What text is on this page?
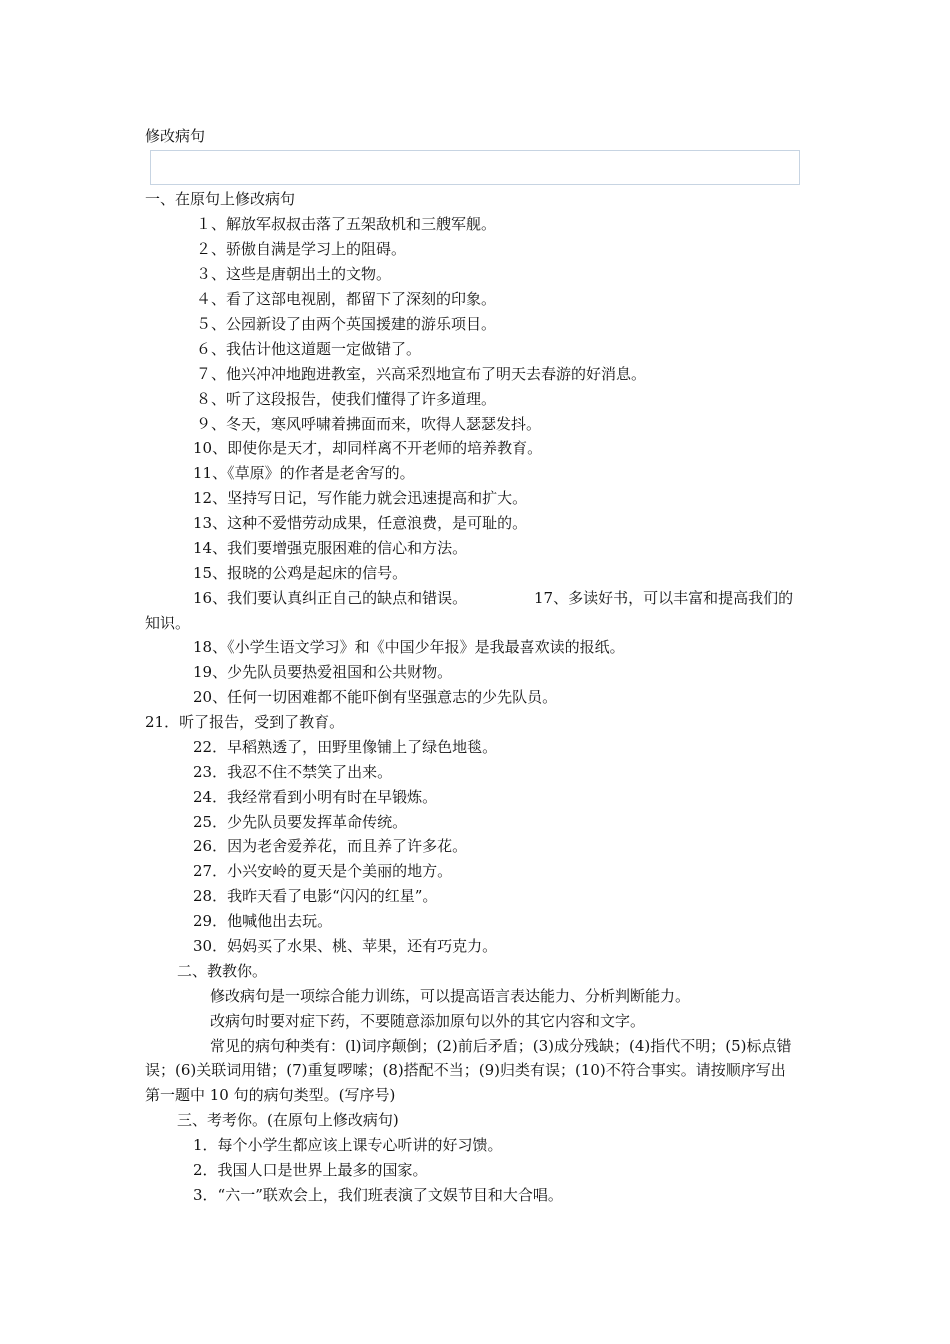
修改病句
一、在原句上修改病句
１、解放军叔叔击落了五架敌机和三艘军舰。
２、骄傲自满是学习上的阻碍。
３、这些是唐朝出土的文物。
４、看了这部电视剧，都留下了深刻的印象。
５、公园新设了由两个英国援建的游乐项目。
６、我估计他这道题一定做错了。
７、他兴冲冲地跑进教室，兴高采烈地宣布了明天去春游的好消息。
８、听了这段报告，使我们懂得了许多道理。
９、冬天，寒风呼啸着拂面而来，吹得人瑟瑟发抖。
10、即使你是天才，却同样离不开老师的培养教育。
11、《草原》的作者是老舍写的。
12、坚持写日记，写作能力就会迅速提高和扩大。
13、这种不爱惜劳动成果，任意浪费，是可耻的。
14、我们要增强克服困难的信心和方法。
15、报晓的公鸡是起床的信号。
16、我们要认真纠正自己的缺点和错误。	17、多读好书，可以丰富和提高我们的
知识。
18、《小学生语文学习》和《中国少年报》是我最喜欢读的报纸。
19、少先队员要热爱祖国和公共财物。
20、任何一切困难都不能吓倒有坚强意志的少先队员。
21．听了报告，受到了教育。
22．早稻熟透了，田野里像铺上了绿色地毯。
23．我忍不住不禁笑了出来。
24．我经常看到小明有时在早锻炼。
25．少先队员要发挥革命传统。
26．因为老舍爱养花，而且养了许多花。
27．小兴安岭的夏天是个美丽的地方。
28．我昨天看了电影“闪闪的红星”。
29．他喊他出去玩。
30．妈妈买了水果、桃、苹果，还有巧克力。
二、教教你。
修改病句是一项综合能力训练，可以提高语言表达能力、分析判断能力。
改病句时要对症下药，不要随意添加原句以外的其它内容和文字。
常见的病句种类有：(l)词序颠倒；(2)前后矛盾；(3)成分残缺；(4)指代不明；(5)标点错
误；(6)关联词用错；(7)重复啰嗦；(8)搭配不当；(9)归类有误；(10)不符合事实。请按顺序写出
第一题中 10 句的病句类型。(写序号)
三、考考你。(在原句上修改病句)
1．每个小学生都应该上课专心听讲的好习馈。
2．我国人口是世界上最多的国家。
3．“六一”联欢会上，我们班表演了文娱节目和大合唱。
